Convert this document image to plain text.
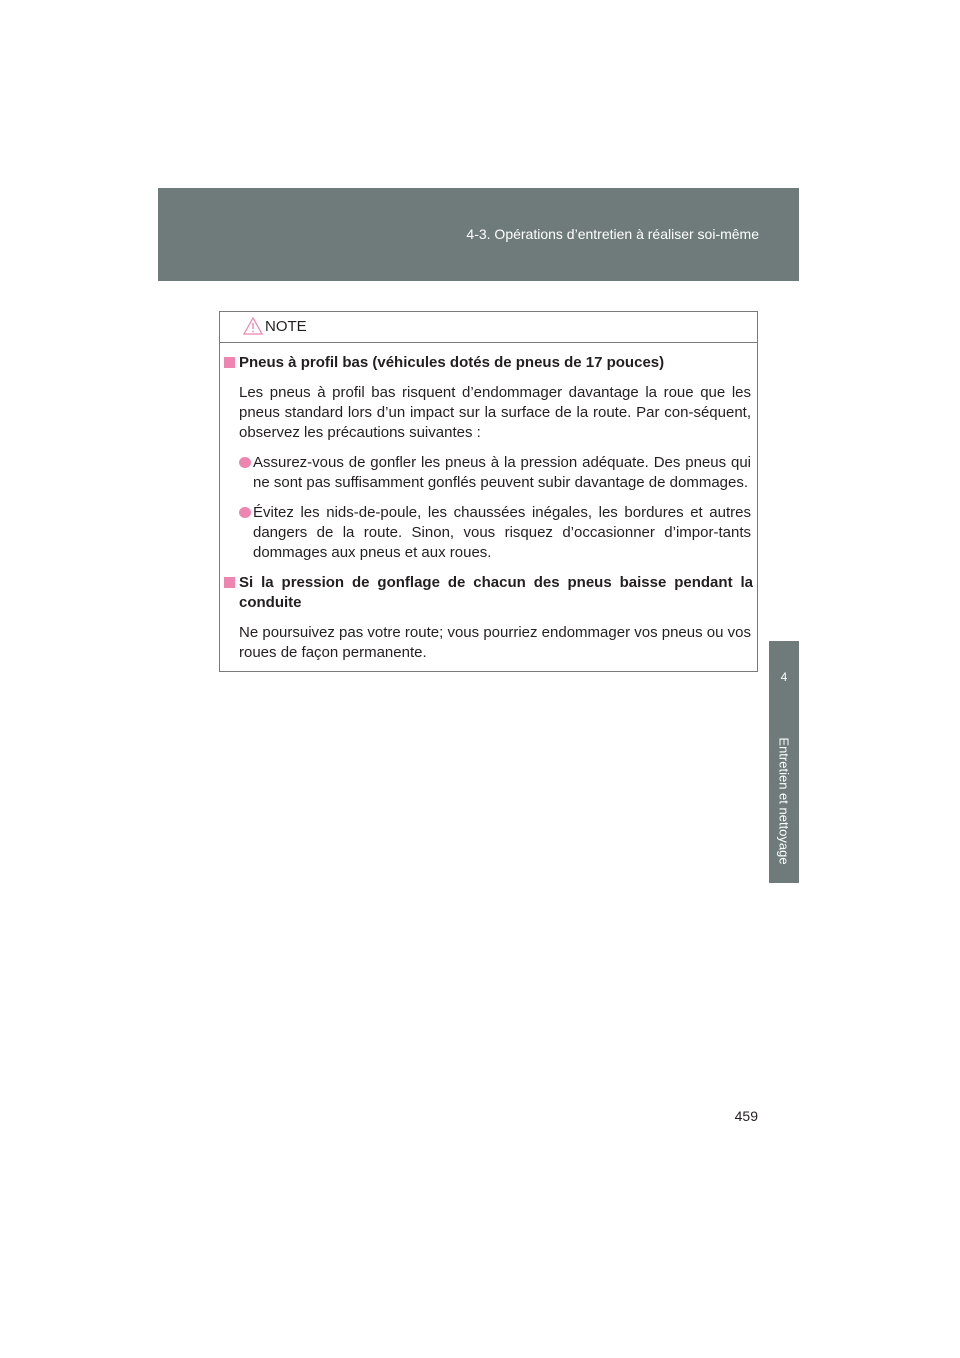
4-3. Opérations d’entretien à réaliser soi-même
4
Entretien et nettoyage
NOTE
Pneus à profil bas (véhicules dotés de pneus de 17 pouces)
Les pneus à profil bas risquent d’endommager davantage la roue que les pneus standard lors d’un impact sur la surface de la route. Par con-séquent, observez les précautions suivantes :
Assurez-vous de gonfler les pneus à la pression adéquate. Des pneus qui ne sont pas suffisamment gonflés peuvent subir davantage de dommages.
Évitez les nids-de-poule, les chaussées inégales, les bordures et autres dangers de la route. Sinon, vous risquez d’occasionner d’impor-tants dommages aux pneus et aux roues.
Si la pression de gonflage de chacun des pneus baisse pendant la conduite
Ne poursuivez pas votre route; vous pourriez endommager vos pneus ou vos roues de façon permanente.
459
